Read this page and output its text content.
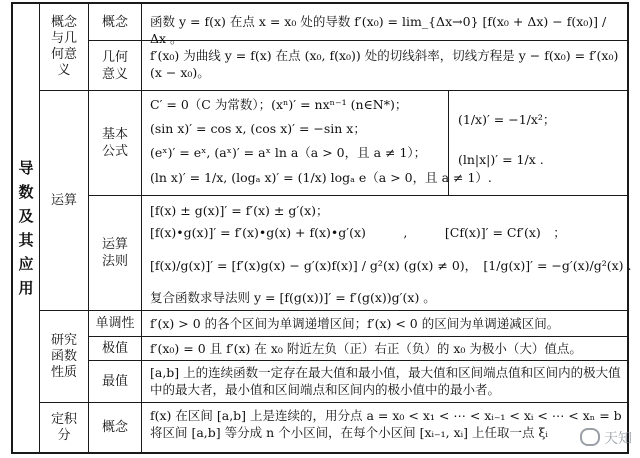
导数及其应用
概念与几何意义
运算
研究函数性质
定积分
概念
几何意义
基本公式
运算法则
单调性
极值
最值
概念
函数 y = f(x) 在点 x = x₀ 处的导数 f′(x₀) = lim_{Δx→0} [f(x₀ + Δx) − f(x₀)] / Δx 。
f′(x₀) 为曲线 y = f(x) 在点 (x₀, f(x₀)) 处的切线斜率，切线方程是 y − f(x₀) = f′(x₀)(x − x₀)。
C′ = 0（C 为常数）；(xⁿ)′ = nxⁿ⁻¹ (n∈N*)；
(sin x)′ = cos x, (cos x)′ = −sin x；
(eˣ)′ = eˣ, (aˣ)′ = aˣ ln a（a > 0，且 a ≠ 1）；
(ln x)′ = 1/x, (logₐ x)′ = (1/x) logₐ e（a > 0，且 a ≠ 1）.
(1/x)′ = −1/x²；
(ln|x|)′ = 1/x .
[f(x) ± g(x)]′ = f′(x) ± g′(x)；
[f(x)•g(x)]′ = f′(x)•g(x) + f(x)•g′(x)　　　,　　　[Cf(x)]′ = Cf′(x)　；
[f(x)/g(x)]′ = [f′(x)g(x) − g′(x)f(x)] / g²(x) (g(x) ≠ 0)，　[1/g(x)]′ = −g′(x)/g²(x) .
复合函数求导法则 y = [f(g(x))]′ = f′(g(x))g′(x) 。
f′(x) > 0 的各个区间为单调递增区间；f′(x) < 0 的区间为单调递减区间。
f′(x₀) = 0 且 f′(x) 在 x₀ 附近左负（正）右正（负）的 x₀ 为极小（大）值点。
[a,b] 上的连续函数一定存在最大值和最小值，最大值和区间端点值和区间内的极大值中的最大者，最小值和区间端点和区间内的极小值中的最小者。
f(x) 在区间 [a,b] 上是连续的，用分点 a = x₀ < x₁ < ⋯ < xᵢ₋₁ < xᵢ < ⋯ < xₙ = b 将区间 [a,b] 等分成 n 个小区间，在每个小区间 [xᵢ₋₁, xᵢ] 上任取一点 ξᵢ	天知
